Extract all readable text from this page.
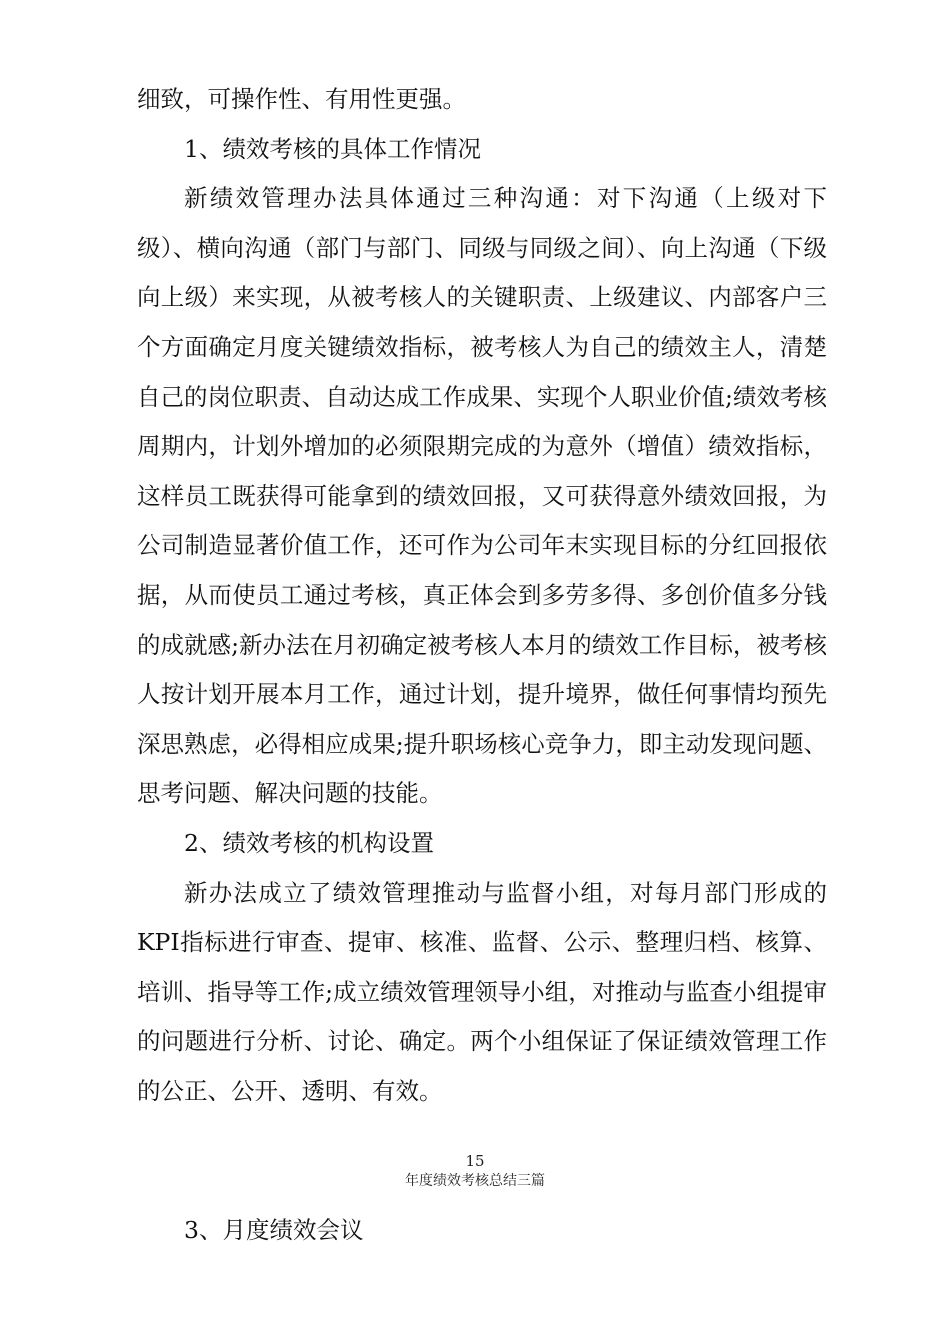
细致，可操作性、有用性更强。

1、绩效考核的具体工作情况

新绩效管理办法具体通过三种沟通：对下沟通（上级对下级）、横向沟通（部门与部门、同级与同级之间）、向上沟通（下级向上级）来实现，从被考核人的关键职责、上级建议、内部客户三个方面确定月度关键绩效指标，被考核人为自己的绩效主人，清楚自己的岗位职责、自动达成工作成果、实现个人职业价值;绩效考核周期内，计划外增加的必须限期完成的为意外（增值）绩效指标，这样员工既获得可能拿到的绩效回报，又可获得意外绩效回报，为公司制造显著价值工作，还可作为公司年末实现目标的分红回报依据，从而使员工通过考核，真正体会到多劳多得、多创价值多分钱的成就感;新办法在月初确定被考核人本月的绩效工作目标，被考核人按计划开展本月工作，通过计划，提升境界，做任何事情均预先深思熟虑，必得相应成果;提升职场核心竞争力，即主动发现问题、思考问题、解决问题的技能。

2、绩效考核的机构设置

新办法成立了绩效管理推动与监督小组，对每月部门形成的KPI指标进行审查、提审、核准、监督、公示、整理归档、核算、培训、指导等工作;成立绩效管理领导小组，对推动与监查小组提审的问题进行分析、讨论、确定。两个小组保证了保证绩效管理工作的公正、公开、透明、有效。

15
年度绩效考核总结三篇
3、月度绩效会议
